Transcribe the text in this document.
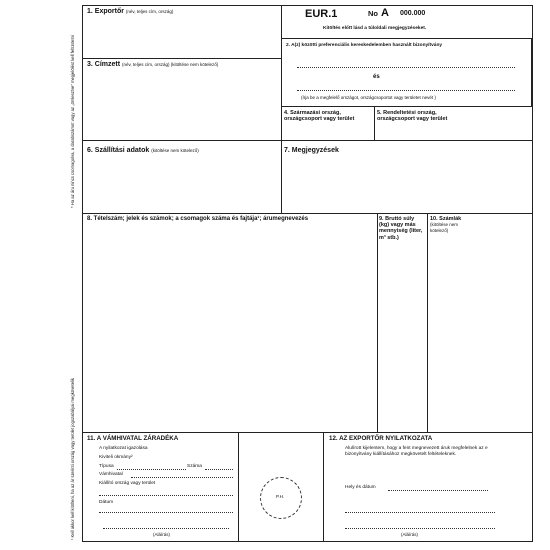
* Ha az áru nincs csomagolva, a darabszámot vagy az „ömlesztve” megjelölést kell feltüntetni
¹ Kell akkor kell kitölteni, ha az ár szerinti ország vagy terület jogszabályai megkövetelik
EUR.1	No A 000.000
Kitöltés előtt lásd a túloldali megjegyzéseket.
1. Exportőr (név, teljes cím, ország)
2. A(z) közötti preferenciális kereskedelemben használt bizonyítvány
és
(Írja be a megfelelő országot, országcsoportot vagy területet nevét )
3. Címzett (név, teljes cím, ország) (kitöltése nem kötelező)
4. Származási ország, országcsoport vagy terület
5. Rendeltetési ország, országcsoport vagy terület
6. Szállítási adatok (kitöltése nem kötelező)	7. Megjegyzések
8. Tételszám; jelek és számok; a csomagok száma és fajtája¹; árumegnevezés	9. Bruttó súly (kg) vagy más mennyiség (liter, m³ stb.)
10. Számlák
(kitöltése nem kötelező)
11. A VÁMHIVATAL ZÁRADÉKA
A nyilatkozat igazolása
Kiviteli okmány²
Típusa	Száma
Vámhivatal
Kiállító ország vagy terület
Dátum
(Aláírás)
P.H.
12. AZ EXPORTŐR NYILATKOZATA
Alulírott kijelentem, hogy a fent megnevezett áruk megfelelnek az e bizonyítvány kiállításához megkövetelt feltételeknek.
Hely és dátum
(Aláírás)
